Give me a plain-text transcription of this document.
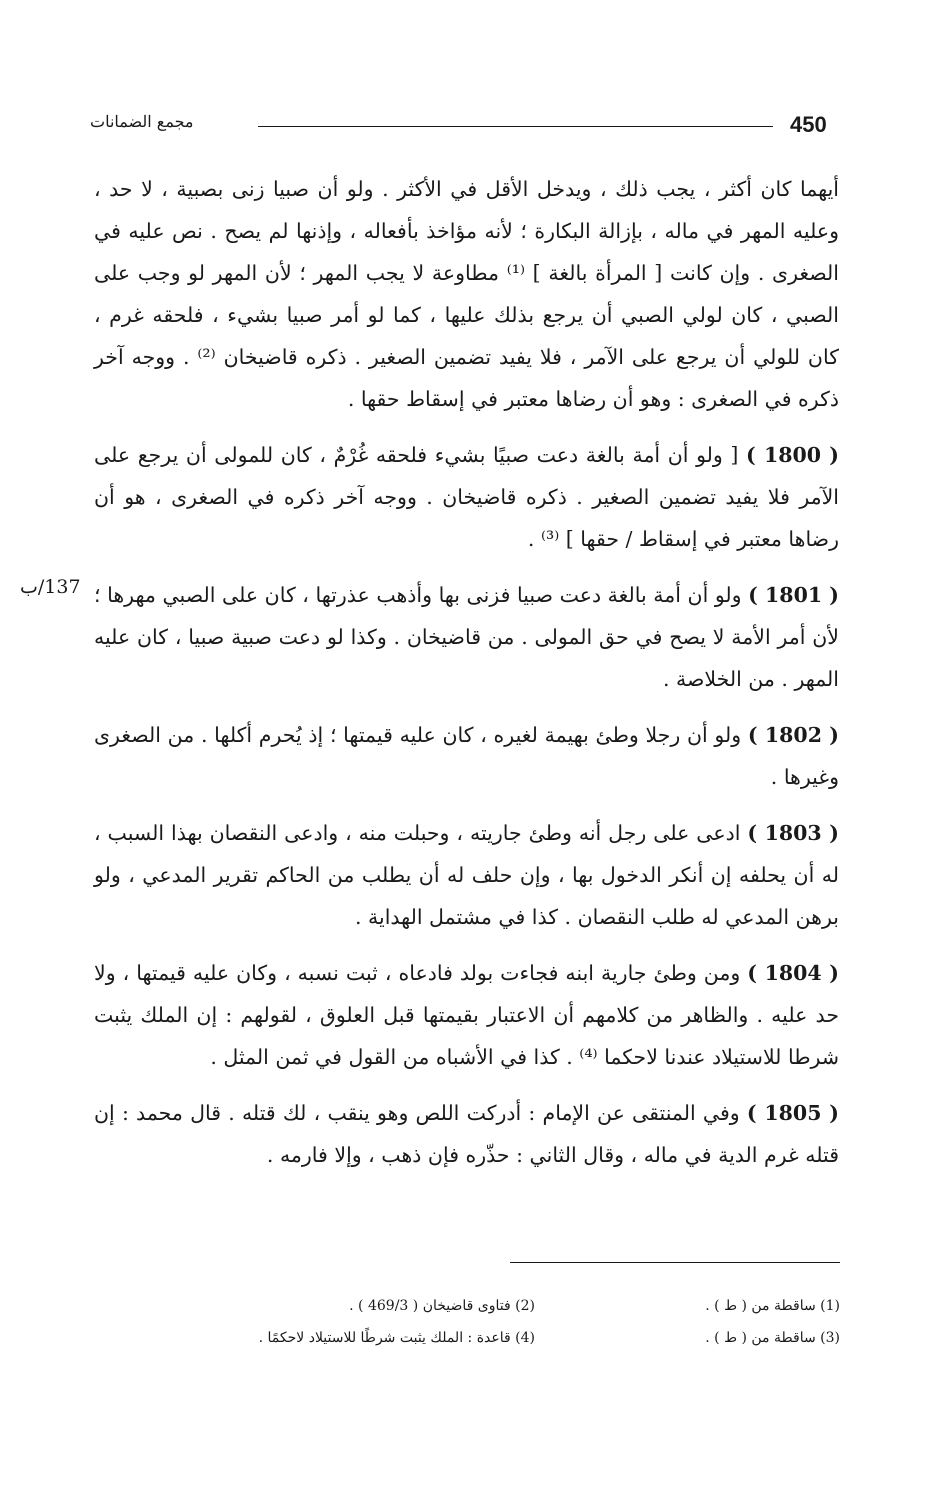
450
مجمع الضمانات
137/ب

أيهما كان أكثر ، يجب ذلك ، ويدخل الأقل في الأكثر . ولو أن صبيا زنى بصبية ، لا حد ، وعليه المهر في ماله ، بإزالة البكارة ؛ لأنه مؤاخذ بأفعاله ، وإذنها لم يصح . نص عليه في الصغرى . وإن كانت [ المرأة بالغة ] ⁽¹⁾ مطاوعة لا يجب المهر ؛ لأن المهر لو وجب على الصبي ، كان لولي الصبي أن يرجع بذلك عليها ، كما لو أمر صبيا بشيء ، فلحقه غرم ، كان للولي أن يرجع على الآمر ، فلا يفيد تضمين الصغير . ذكره قاضيخان ⁽²⁾ . ووجه آخر ذكره في الصغرى : وهو أن رضاها معتبر في إسقاط حقها .

( 1800 ) [ ولو أن أمة بالغة دعت صبيًا بشيء فلحقه غُرْمٌ ، كان للمولى أن يرجع على الآمر فلا يفيد تضمين الصغير . ذكره قاضيخان . ووجه آخر ذكره في الصغرى ، هو أن رضاها معتبر في إسقاط / حقها ] ⁽³⁾ .

( 1801 ) ولو أن أمة بالغة دعت صبيا فزنى بها وأذهب عذرتها ، كان على الصبي مهرها ؛ لأن أمر الأمة لا يصح في حق المولى . من قاضيخان . وكذا لو دعت صبية صبيا ، كان عليه المهر . من الخلاصة .

( 1802 ) ولو أن رجلا وطئ بهيمة لغيره ، كان عليه قيمتها ؛ إذ يُحرم أكلها . من الصغرى وغيرها .

( 1803 ) ادعى على رجل أنه وطئ جاريته ، وحبلت منه ، وادعى النقصان بهذا السبب ، له أن يحلفه إن أنكر الدخول بها ، وإن حلف له أن يطلب من الحاكم تقرير المدعي ، ولو برهن المدعي له طلب النقصان . كذا في مشتمل الهداية .

( 1804 ) ومن وطئ جارية ابنه فجاءت بولد فادعاه ، ثبت نسبه ، وكان عليه قيمتها ، ولا حد عليه . والظاهر من كلامهم أن الاعتبار بقيمتها قبل العلوق ، لقولهم : إن الملك يثبت شرطا للاستيلاد عندنا لاحكما ⁽⁴⁾ . كذا في الأشباه من القول في ثمن المثل .

( 1805 ) وفي المنتقى عن الإمام : أدركت اللص وهو ينقب ، لك قتله . قال محمد : إن قتله غرم الدية في ماله ، وقال الثاني : حذّره فإن ذهب ، وإلا فارمه .

(1) ساقطة من ( ط ) .
(2) فتاوى قاضيخان ( 469/3 ) .
(3) ساقطة من ( ط ) .
(4) قاعدة : الملك يثبت شرطًا للاستيلاد لاحكمًا .
